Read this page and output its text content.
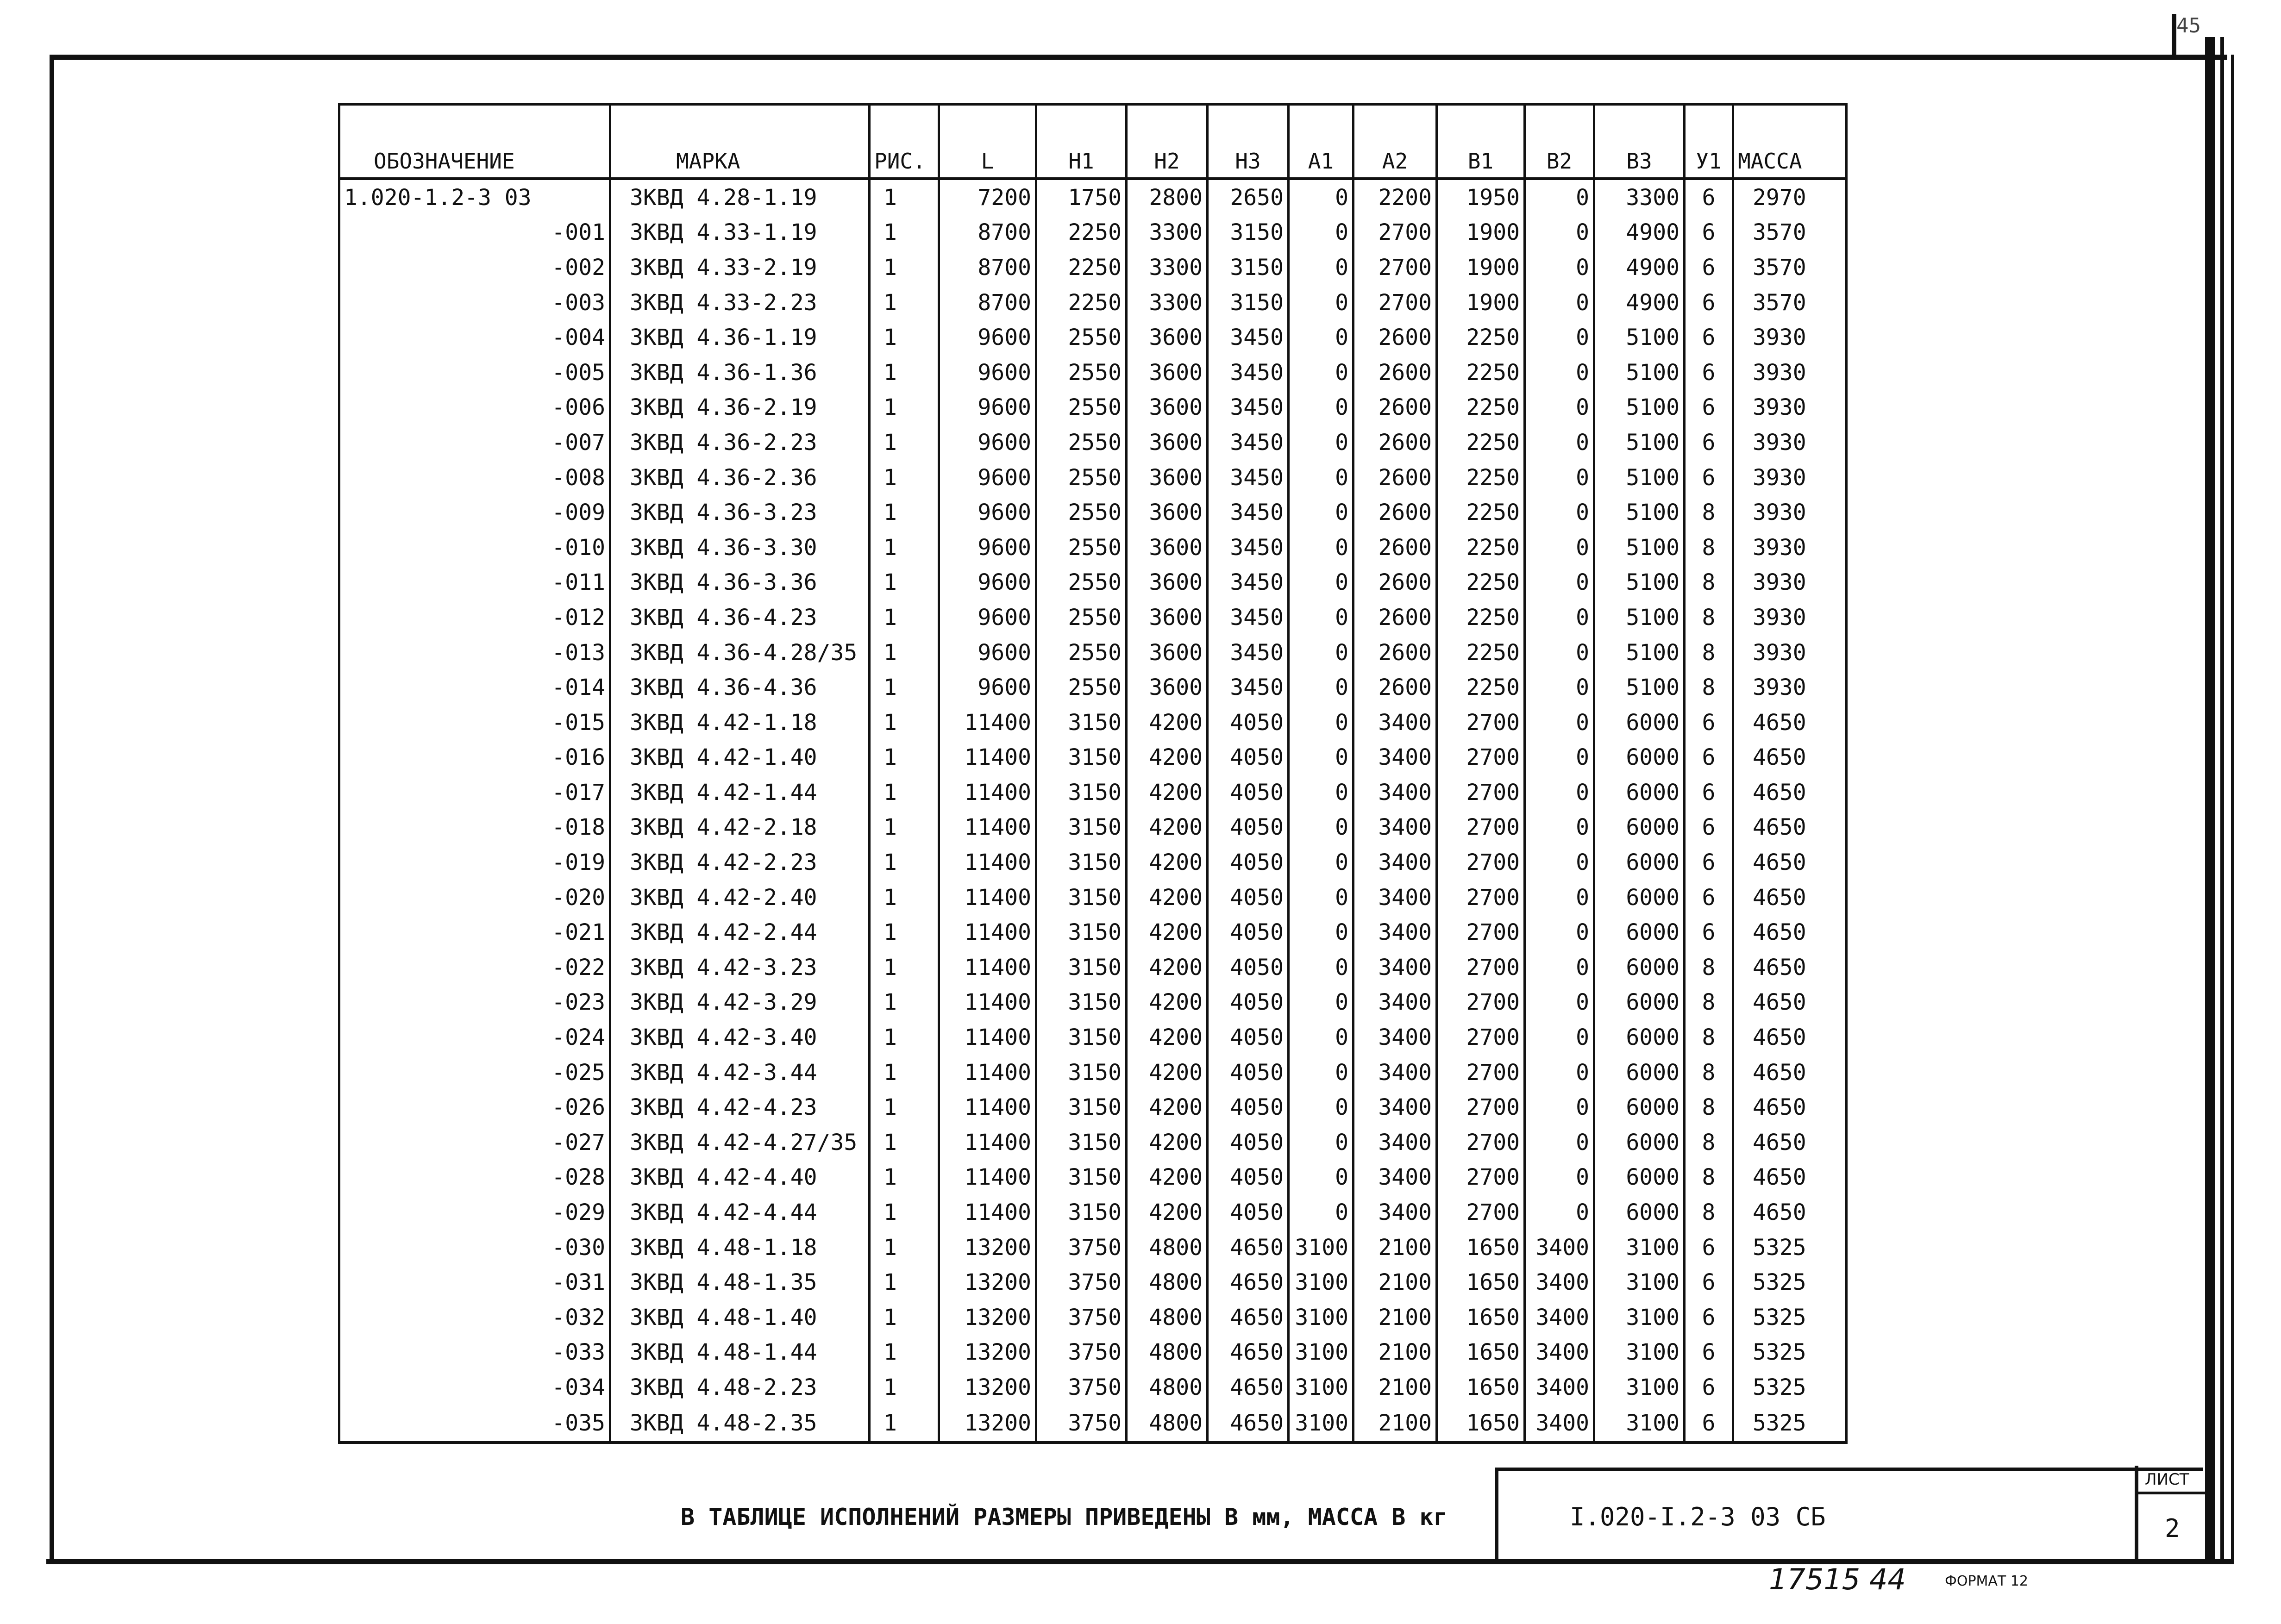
45
ОБОЗНАЧЕНИЕ	МАРКА	РИС.	L	H1	H2	H3	A1	A2	B1	B2	B3	У1	МАССА
1.020-1.2-3 03	3КВД 4.28-1.19	1	7200	1750	2800	2650	0	2200	1950	0	3300	6	2970
-001	3КВД 4.33-1.19	1	8700	2250	3300	3150	0	2700	1900	0	4900	6	3570
-002	3КВД 4.33-2.19	1	8700	2250	3300	3150	0	2700	1900	0	4900	6	3570
-003	3КВД 4.33-2.23	1	8700	2250	3300	3150	0	2700	1900	0	4900	6	3570
-004	3КВД 4.36-1.19	1	9600	2550	3600	3450	0	2600	2250	0	5100	6	3930
-005	3КВД 4.36-1.36	1	9600	2550	3600	3450	0	2600	2250	0	5100	6	3930
-006	3КВД 4.36-2.19	1	9600	2550	3600	3450	0	2600	2250	0	5100	6	3930
-007	3КВД 4.36-2.23	1	9600	2550	3600	3450	0	2600	2250	0	5100	6	3930
-008	3КВД 4.36-2.36	1	9600	2550	3600	3450	0	2600	2250	0	5100	6	3930
-009	3КВД 4.36-3.23	1	9600	2550	3600	3450	0	2600	2250	0	5100	8	3930
-010	3КВД 4.36-3.30	1	9600	2550	3600	3450	0	2600	2250	0	5100	8	3930
-011	3КВД 4.36-3.36	1	9600	2550	3600	3450	0	2600	2250	0	5100	8	3930
-012	3КВД 4.36-4.23	1	9600	2550	3600	3450	0	2600	2250	0	5100	8	3930
-013	3КВД 4.36-4.28/35	1	9600	2550	3600	3450	0	2600	2250	0	5100	8	3930
-014	3КВД 4.36-4.36	1	9600	2550	3600	3450	0	2600	2250	0	5100	8	3930
-015	3КВД 4.42-1.18	1	11400	3150	4200	4050	0	3400	2700	0	6000	6	4650
-016	3КВД 4.42-1.40	1	11400	3150	4200	4050	0	3400	2700	0	6000	6	4650
-017	3КВД 4.42-1.44	1	11400	3150	4200	4050	0	3400	2700	0	6000	6	4650
-018	3КВД 4.42-2.18	1	11400	3150	4200	4050	0	3400	2700	0	6000	6	4650
-019	3КВД 4.42-2.23	1	11400	3150	4200	4050	0	3400	2700	0	6000	6	4650
-020	3КВД 4.42-2.40	1	11400	3150	4200	4050	0	3400	2700	0	6000	6	4650
-021	3КВД 4.42-2.44	1	11400	3150	4200	4050	0	3400	2700	0	6000	6	4650
-022	3КВД 4.42-3.23	1	11400	3150	4200	4050	0	3400	2700	0	6000	8	4650
-023	3КВД 4.42-3.29	1	11400	3150	4200	4050	0	3400	2700	0	6000	8	4650
-024	3КВД 4.42-3.40	1	11400	3150	4200	4050	0	3400	2700	0	6000	8	4650
-025	3КВД 4.42-3.44	1	11400	3150	4200	4050	0	3400	2700	0	6000	8	4650
-026	3КВД 4.42-4.23	1	11400	3150	4200	4050	0	3400	2700	0	6000	8	4650
-027	3КВД 4.42-4.27/35	1	11400	3150	4200	4050	0	3400	2700	0	6000	8	4650
-028	3КВД 4.42-4.40	1	11400	3150	4200	4050	0	3400	2700	0	6000	8	4650
-029	3КВД 4.42-4.44	1	11400	3150	4200	4050	0	3400	2700	0	6000	8	4650
-030	3КВД 4.48-1.18	1	13200	3750	4800	4650	3100	2100	1650	3400	3100	6	5325
-031	3КВД 4.48-1.35	1	13200	3750	4800	4650	3100	2100	1650	3400	3100	6	5325
-032	3КВД 4.48-1.40	1	13200	3750	4800	4650	3100	2100	1650	3400	3100	6	5325
-033	3КВД 4.48-1.44	1	13200	3750	4800	4650	3100	2100	1650	3400	3100	6	5325
-034	3КВД 4.48-2.23	1	13200	3750	4800	4650	3100	2100	1650	3400	3100	6	5325
-035	3КВД 4.48-2.35	1	13200	3750	4800	4650	3100	2100	1650	3400	3100	6	5325
В ТАБЛИЦЕ ИСПОЛНЕНИЙ РАЗМЕРЫ ПРИВЕДЕНЫ В мм, МАССА В кг	I.020-I.2-3 03 СБ
ЛИСТ
2
17515 44	ФОРМАТ 12
